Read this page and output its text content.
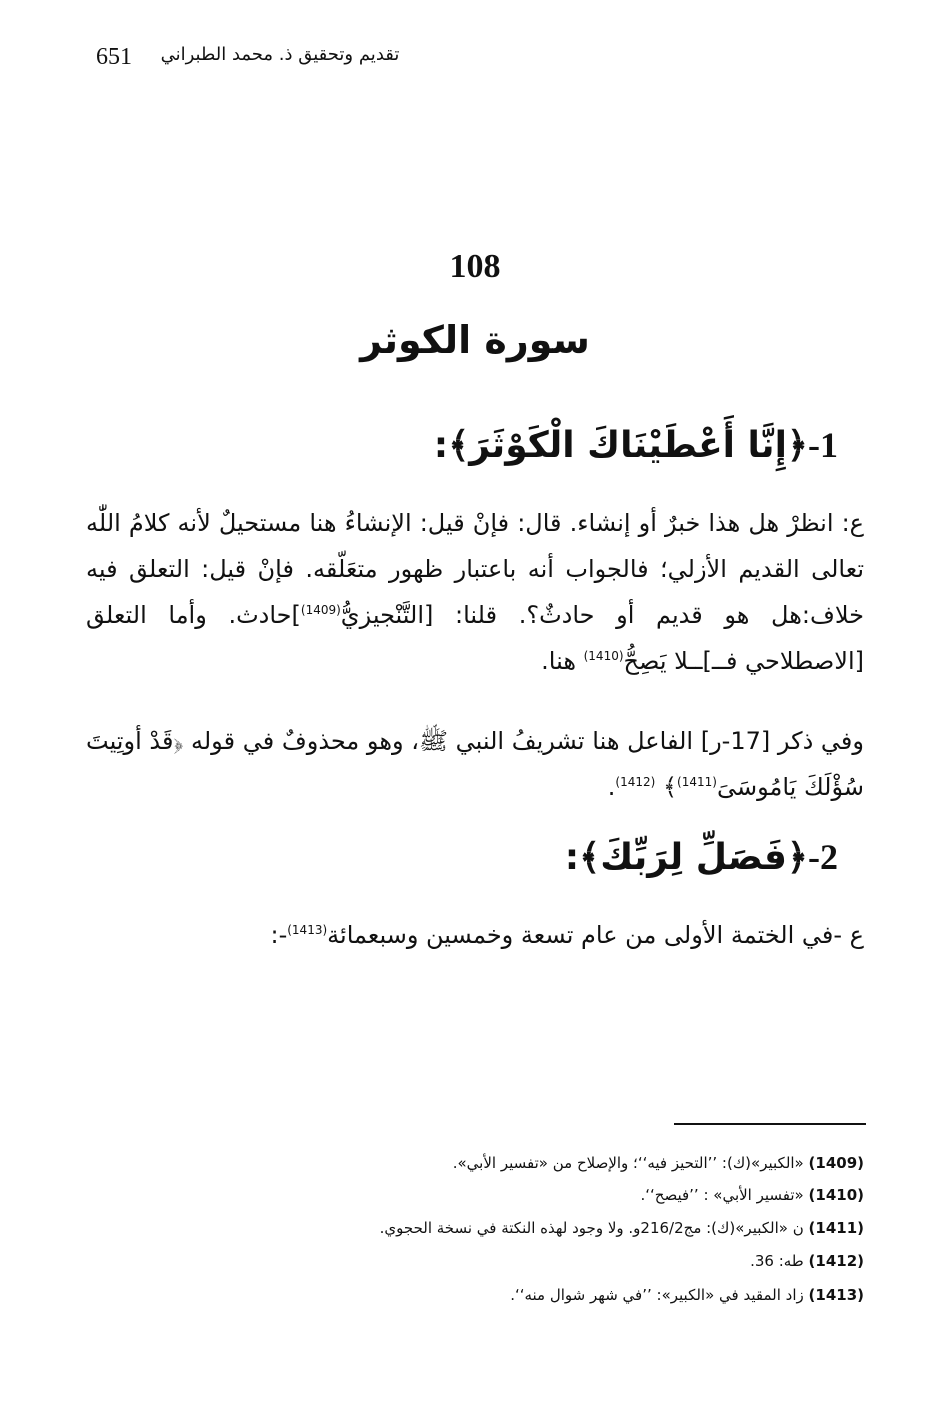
651 تقديم وتحقيق ذ. محمد الطبراني
108
سورة الكوثر
1-﴿إِنَّا أَعْطَيْنَاكَ الْكَوْثَرَ﴾:
ع: انظرْ هل هذا خبرٌ أو إنشاء. قال: فإنْ قيل: الإنشاءُ هنا مستحيلٌ لأنه كلامُ اللّٰه تعالى القديم الأزلي؛ فالجواب أنه باعتبار ظهور متعَلّقه. فإنْ قيل: التعلق فيه خلاف:هل هو قديم أو حادثٌ؟. قلنا: [التَّنْجيزيُّ$^{(1409)}$]حادث. وأما التعلق [الاصطلاحي فــ]ــلا يَصِحُّ$^{(1410)}$ هنا.
وفي ذكر [17-ر] الفاعل هنا تشريفُ النبي ﷺ، وهو محذوفٌ في قوله ﴿قَدْ أوتِيتَ سُؤْلَكَ يَامُوسَىَ$^{(1411)}$﴾ $^{(1412)}$.
2-﴿فَصَلِّ لِرَبِّكَ﴾:
ع -في الختمة الأولى من عام تسعة وخمسين وسبعمائة$^{(1413)}$-:
(1409) «الكبير»(ك): ’’التحيز فيه‘‘؛ والإصلاح من «تفسير الأبي».
(1410) «تفسير الأبي» : ’’فيصح‘‘.
(1411) ن «الكبير»(ك): مج216/2و. ولا وجود لهذه النكتة في نسخة الحجوي.
(1412) طه: 36.
(1413) زاد المقيد في «الكبير»: ’’في شهر شوال منه‘‘.
